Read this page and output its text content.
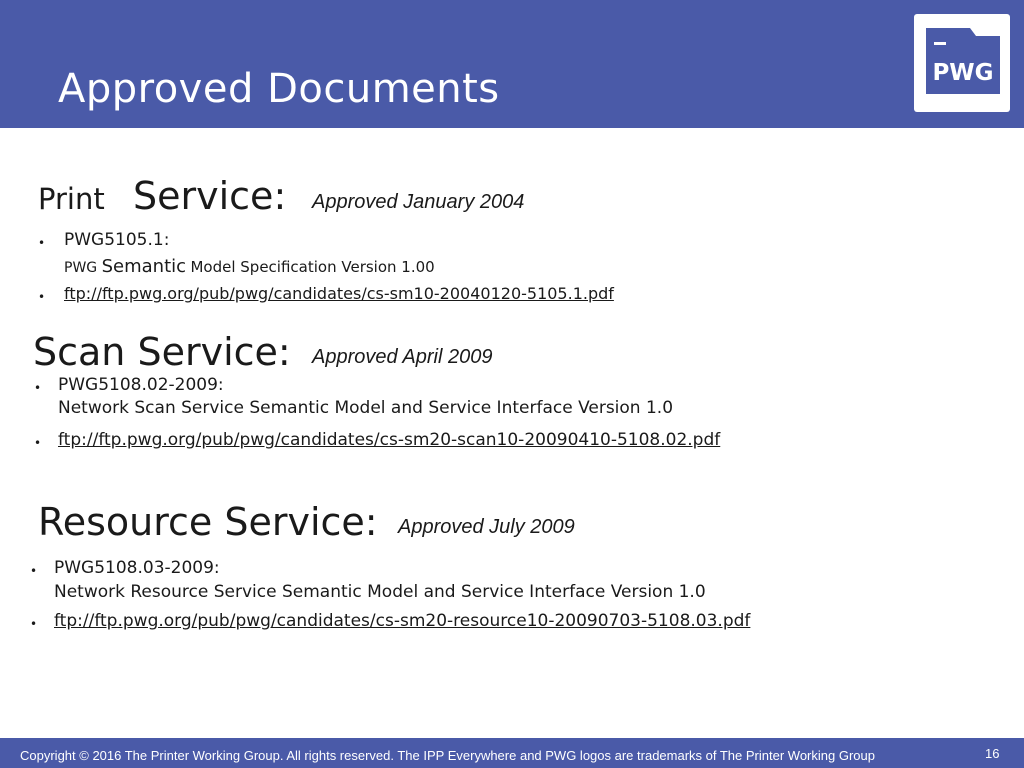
Approved Documents	PWG
Print Service: Approved January 2004
• PWG5105.1:
PWG Semantic Model Specification Version 1.00
• ftp://ftp.pwg.org/pub/pwg/candidates/cs-sm10-20040120-5105.1.pdf
Scan Service: Approved April 2009
• PWG5108.02-2009:
Network Scan Service Semantic Model and Service Interface Version 1.0
• ftp://ftp.pwg.org/pub/pwg/candidates/cs-sm20-scan10-20090410-5108.02.pdf
Resource Service: Approved July 2009
• PWG5108.03-2009:
Network Resource Service Semantic Model and Service Interface Version 1.0
• ftp://ftp.pwg.org/pub/pwg/candidates/cs-sm20-resource10-20090703-5108.03.pdf
Copyright © 2016 The Printer Working Group. All rights reserved. The IPP Everywhere and PWG logos are trademarks of The Printer Working Group	16
